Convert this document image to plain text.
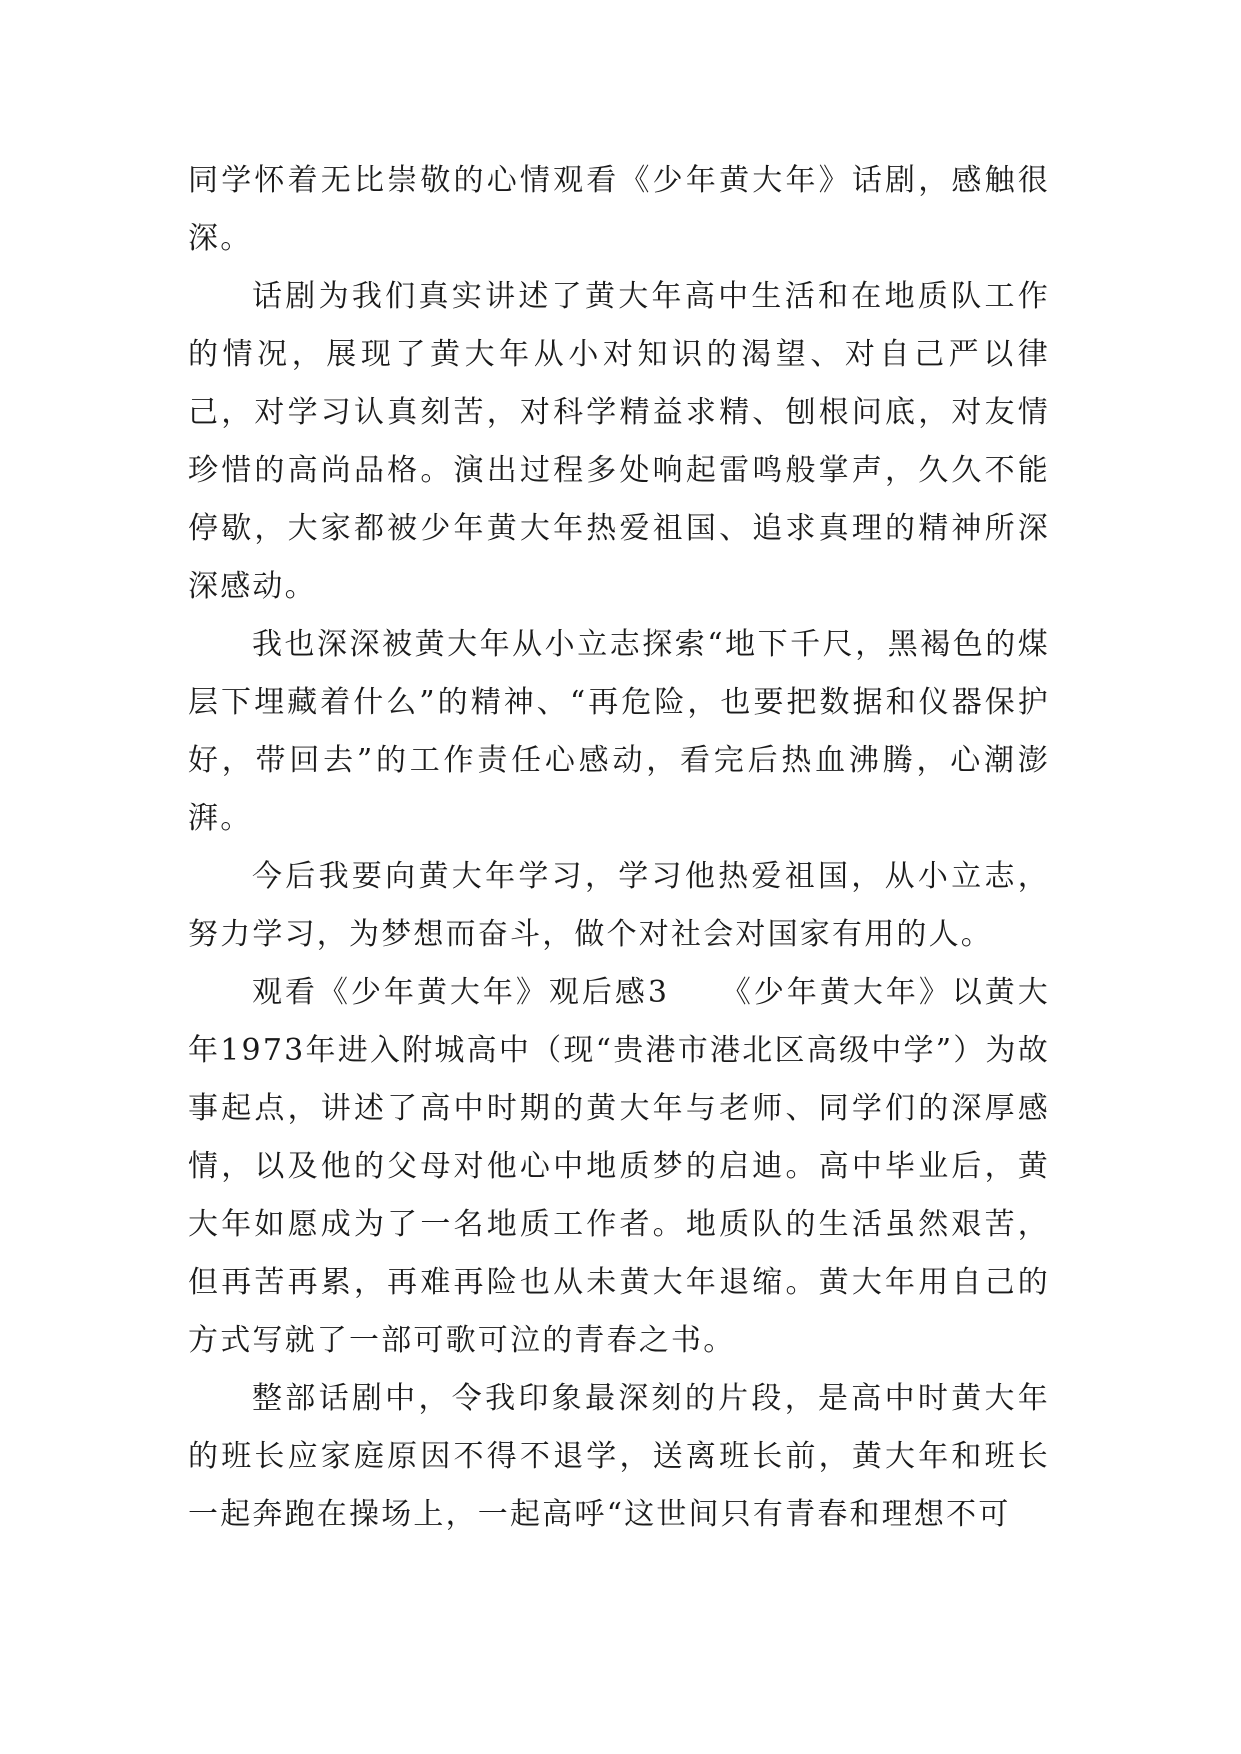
同学怀着无比崇敬的心情观看《少年黄大年》话剧，感触很深。

话剧为我们真实讲述了黄大年高中生活和在地质队工作的情况，展现了黄大年从小对知识的渴望、对自己严以律己，对学习认真刻苦，对科学精益求精、刨根问底，对友情珍惜的高尚品格。演出过程多处响起雷鸣般掌声，久久不能停歇，大家都被少年黄大年热爱祖国、追求真理的精神所深深感动。

我也深深被黄大年从小立志探索“地下千尺，黑褐色的煤层下埋藏着什么”的精神、“再危险，也要把数据和仪器保护好，带回去”的工作责任心感动，看完后热血沸腾，心潮澎湃。

今后我要向黄大年学习，学习他热爱祖国，从小立志，努力学习，为梦想而奋斗，做个对社会对国家有用的人。

观看《少年黄大年》观后感3　　《少年黄大年》以黄大年1973年进入附城高中（现“贵港市港北区高级中学”）为故事起点，讲述了高中时期的黄大年与老师、同学们的深厚感情，以及他的父母对他心中地质梦的启迪。高中毕业后，黄大年如愿成为了一名地质工作者。地质队的生活虽然艰苦，但再苦再累，再难再险也从未黄大年退缩。黄大年用自己的方式写就了一部可歌可泣的青春之书。

整部话剧中，令我印象最深刻的片段，是高中时黄大年的班长应家庭原因不得不退学，送离班长前，黄大年和班长一起奔跑在操场上，一起高呼“这世间只有青春和理想不可
